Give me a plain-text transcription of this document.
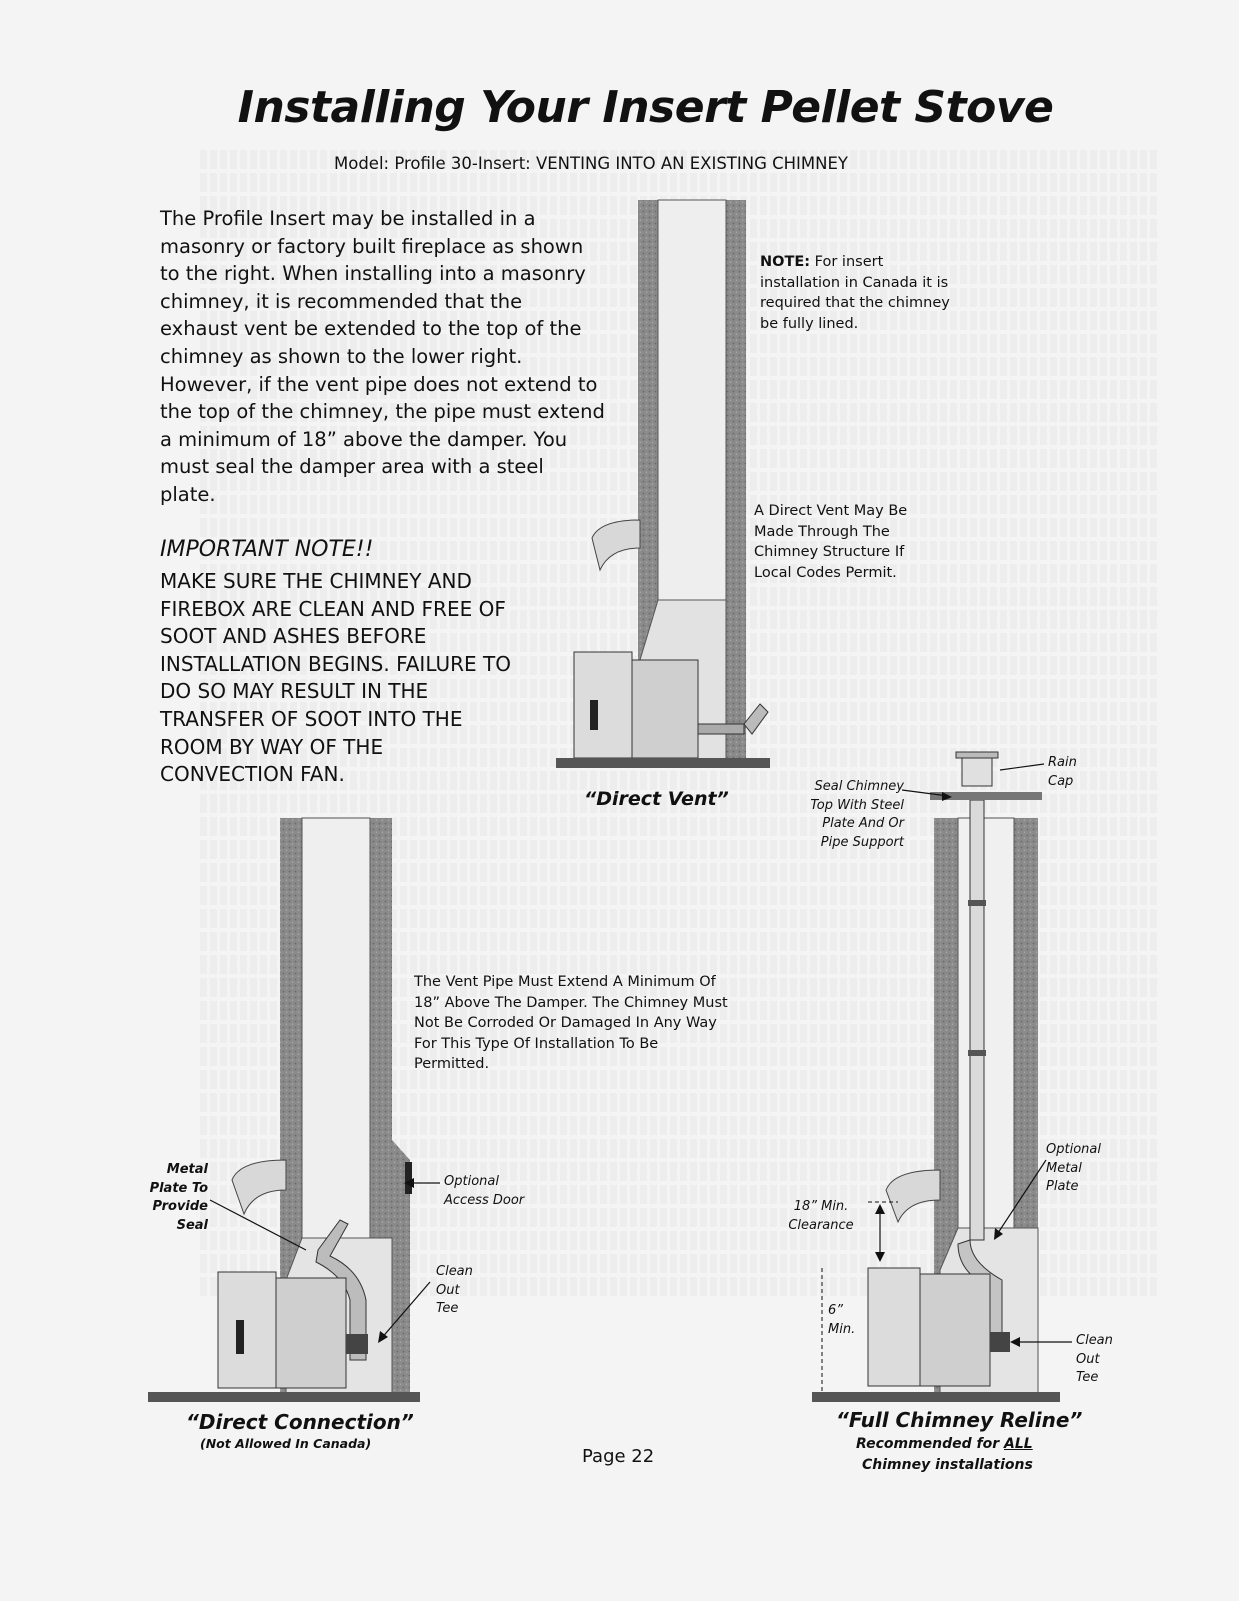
Installing Your Insert Pellet Stove
Model: Profile 30-Insert: VENTING INTO AN EXISTING CHIMNEY
The Profile Insert may be installed in a masonry or factory built fireplace as shown to the right. When installing into a masonry chimney, it is recommended that the exhaust vent be extended to the top of the chimney as shown to the lower right. However, if the vent pipe does not extend to the top of the chimney, the pipe must extend a minimum of 18” above the damper. You must seal the damper area with a steel plate.
IMPORTANT NOTE!!
MAKE SURE THE CHIMNEY AND FIREBOX ARE CLEAN AND FREE OF SOOT AND ASHES BEFORE INSTALLATION BEGINS. FAILURE TO DO SO MAY RESULT IN THE TRANSFER OF SOOT INTO THE ROOM BY WAY OF THE CONVECTION FAN.
NOTE: For insert installation in Canada it is required that the chimney be fully lined.
A Direct Vent May Be Made Through The Chimney Structure If Local Codes Permit.
The Vent Pipe Must Extend A Minimum Of 18” Above The Damper. The Chimney Must Not Be Corroded Or Damaged In Any Way For This Type Of Installation To Be Permitted.
“Direct Vent”
“Direct Connection”
(Not Allowed In Canada)
“Full Chimney Reline”
Recommended for ALL
Chimney installations
Metal Plate To Provide Seal
Optional Access Door
Clean Out Tee
Rain Cap
Seal Chimney Top With Steel Plate And Or Pipe Support
Optional Metal Plate
18” Min. Clearance
6” Min.
Clean Out Tee
Page 22
